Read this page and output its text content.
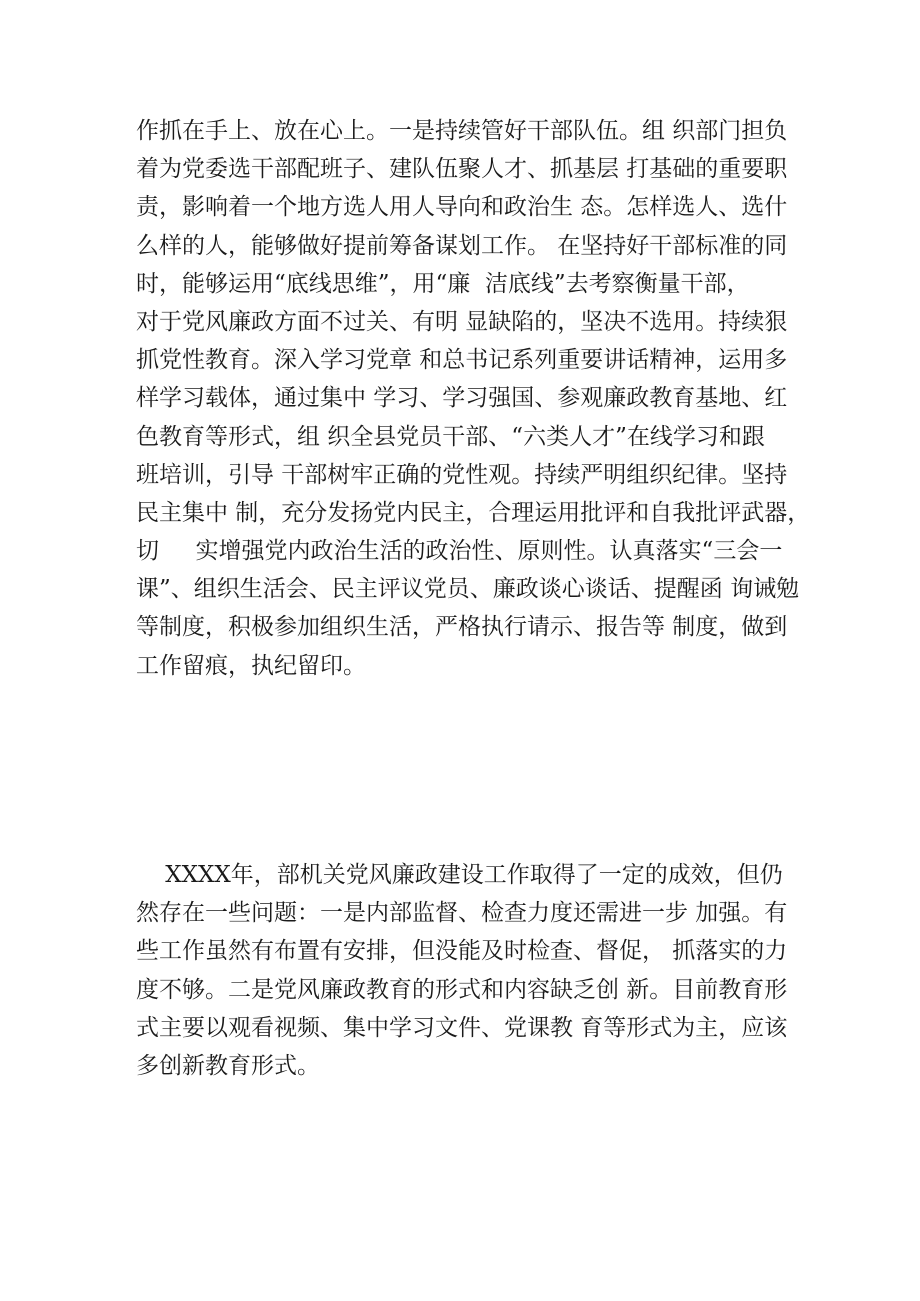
作抓在手上、放在心上。一是持续管好干部队伍。组 织部门担负
着为党委选干部配班子、建队伍聚人才、抓基层 打基础的重要职
责，影响着一个地方选人用人导向和政治生 态。怎样选人、选什
么样的人，能够做好提前筹备谋划工作。 在坚持好干部标准的同
时，能够运用“底线思维”，用“廉  洁底线”去考察衡量干部，
对于党风廉政方面不过关、有明 显缺陷的，坚决不选用。持续狠
抓党性教育。深入学习党章 和总书记系列重要讲话精神，运用多
样学习载体，通过集中 学习、学习强国、参观廉政教育基地、红
色教育等形式，组 织全县党员干部、“六类人才”在线学习和跟
班培训，引导 干部树牢正确的党性观。持续严明组织纪律。坚持
民主集中 制，充分发扬党内民主，合理运用批评和自我批评武器，
切     实增强党内政治生活的政治性、原则性。认真落实“三会一
课”、组织生活会、民主评议党员、廉政谈心谈话、提醒函 询诫勉
等制度，积极参加组织生活，严格执行请示、报告等 制度，做到
工作留痕，执纪留印。
XXXX年，部机关党风廉政建设工作取得了一定的成效，但仍
然存在一些问题：一是内部监督、检查力度还需进一步 加强。有
些工作虽然有布置有安排，但没能及时检查、督促， 抓落实的力
度不够。二是党风廉政教育的形式和内容缺乏创 新。目前教育形
式主要以观看视频、集中学习文件、党课教 育等形式为主，应该
多创新教育形式。
